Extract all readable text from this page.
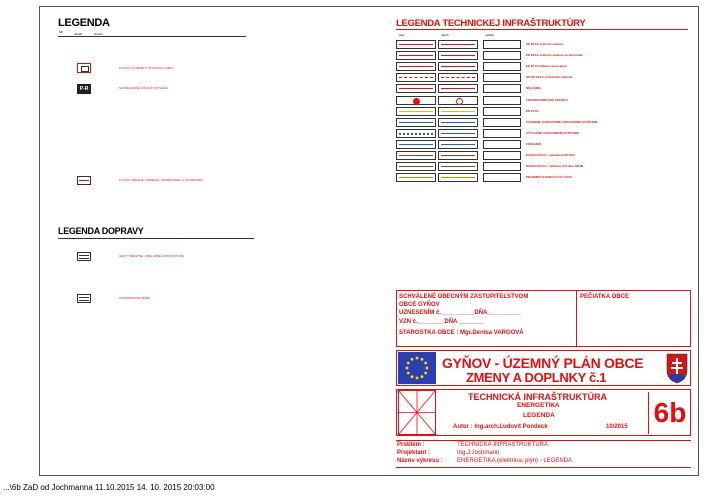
LEGENDA
ŠP	obsah	plocha
PLOCHY A OBJEKTY BÝVANIA V OBCI
P-R	NAVRHOVANÉ LOKALITY BÝVANIA
PLOCHY ZELENE (VEREJNÁ, SPRIEVODNÁ, A OCHRANNÁ)
LEGENDA DOPRAVY
CESTY MIESTNE, OBSLUŽNÉ A PRÍSTUPOVÉ
KOMUNIKÁCIE PEŠIE
LEGENDA TECHNICKEJ INFRAŠTRUKTÚRY
stav	návrh	výhľad
EE 22 kV vzdušné vedenie
EE 22 kV vzdušné vedenie na demontáž
EE 22 kV káblové prepojenie
OP EE 22 kV vzdušného vedenia
NN KÁBEL
TRANSFORMAČNÁ STANICA
EE PLYN
ZÁSOBNÉ VODOVODNÉ VODOVODNÉ POTRUBIE
VÝTLAČNÉ VODOVODNÉ POTRUBIE
VODOJEM
KANALIZÁCIA - splašková DN 300
KANALIZÁCIA - výtlačné potrubie DN 80
PRÍJEMNÁ STANICA ČOV ČOVA
SCHVÁLENÉ OBECNÝM ZASTUPITEĽSTVOM
OBCE GYŇOV
UZNESENÍM č.__________DŇA__________
VZN č.________DŇA________
STAROSTKA OBCE : Mgr.Denisa VARGOVÁ
PEČIATKA OBCE
GYŇOV - ÚZEMNÝ PLÁN OBCE
ZMENY A DOPLNKY č.1
TECHNICKÁ INFRAŠTRUKTÚRA
ENERGETIKA
LEGENDA
Autor : Ing.arch.Ľudovít Pondeck	10/2015 6b
Problém :	TECHNICKÁ INFRAŠTRUKTÚRA
Projektant :	Ing.J.Jochmann
Názov výkresu : ENERGETIKA (elektrina, plyn) - LEGENDA
...\6b ZaD od Jochmanna 11.10.2015 14. 10. 2015 20:03:00
